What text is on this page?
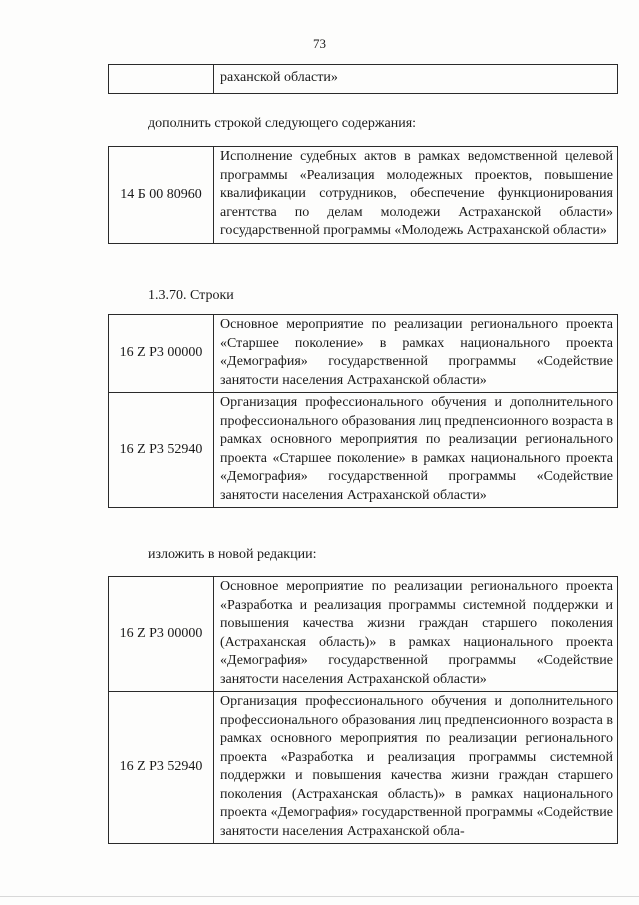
73
	раханской области»
дополнить строкой следующего содержания:
14 Б 00 80960	Исполнение судебных актов в рамках ведомственной целевой программы «Реализация молодежных проектов, повышение квалификации сотрудников, обеспечение функционирования агентства по делам молодежи Астраханской области» государственной программы «Молодежь Астраханской области»
1.3.70. Строки
16 Z P3 00000	Основное мероприятие по реализации регионального проекта «Старшее поколение» в рамках национального проекта «Демография» государственной программы «Содействие занятости населения Астраханской области»
16 Z P3 52940	Организация профессионального обучения и дополнительного профессионального образования лиц предпенсионного возраста в рамках основного мероприятия по реализации регионального проекта «Старшее поколение» в рамках национального проекта «Демография» государственной программы «Содействие занятости населения Астраханской области»
изложить в новой редакции:
16 Z P3 00000	Основное мероприятие по реализации регионального проекта «Разработка и реализация программы системной поддержки и повышения качества жизни граждан старшего поколения (Астраханская область)» в рамках национального проекта «Демография» государственной программы «Содействие занятости населения Астраханской области»
16 Z P3 52940	Организация профессионального обучения и дополнительного профессионального образования лиц предпенсионного возраста в рамках основного мероприятия по реализации регионального проекта «Разработка и реализация программы системной поддержки и повышения качества жизни граждан старшего поколения (Астраханская область)» в рамках национального проекта «Демография» государственной программы «Содействие занятости населения Астраханской обла-
